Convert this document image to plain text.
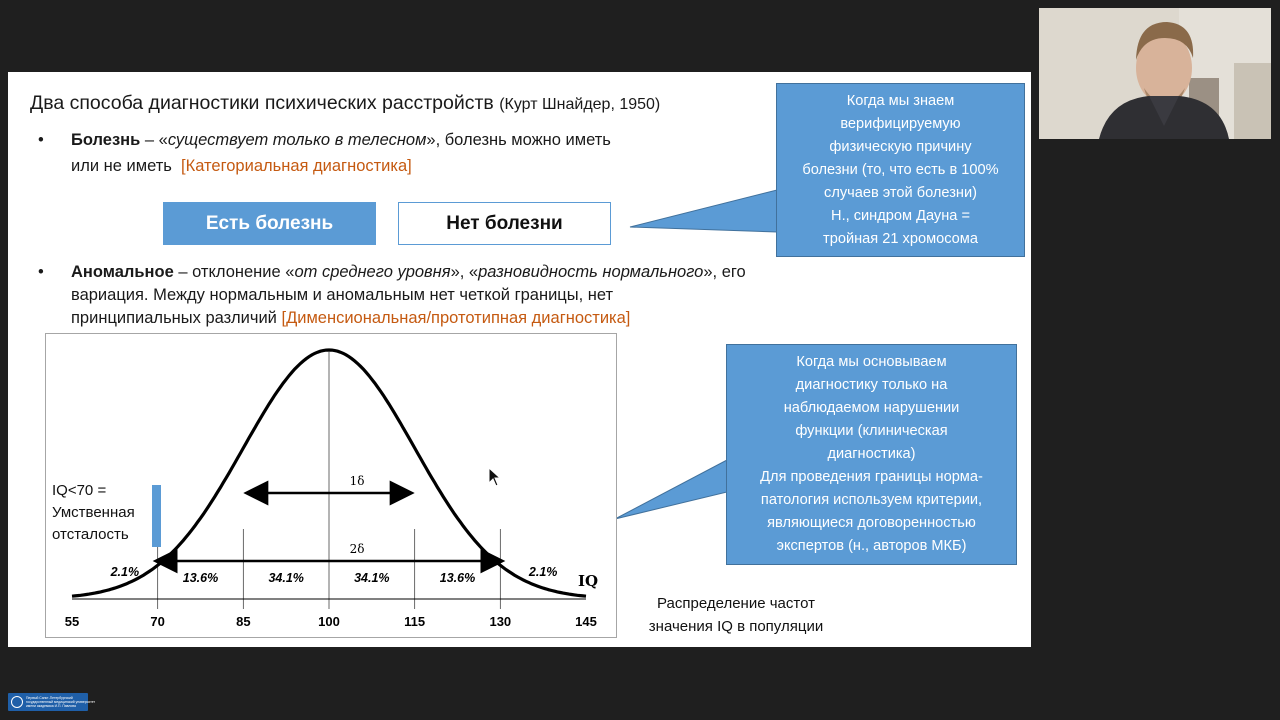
Два способа диагностики психических расстройств (Курт Шнайдер, 1950)
• Болезнь – «существует только в телесном», болезнь можно иметь
или не иметь [Категориальная диагностика]
Есть болезнь	Нет болезни
• Аномальное – отклонение «от среднего уровня», «разновидность нормального», его
вариация. Между нормальным и аномальным нет четкой границы, нет
принципиальных различий [Дименсиональная/прототипная диагностика]
Когда мы знаем
верифицируемую
физическую причину
болезни (то, что есть в 100%
случаев этой болезни)
Н., синдром Дауна =
тройная 21 хромосома
Когда мы основываем
диагностику только на
наблюдаемом нарушении
функции (клиническая
диагностика)
Для проведения границы норма-
патология используем критерии,
являющиеся договоренностью
экспертов (н., авторов МКБ)
1δ
2δ
2.1%	13.6%	34.1%	34.1%	13.6%	2.1%
55	70	85	100	115	130	145
IQ
IQ<70 =
Умственная
отсталость
Распределение частот
значения IQ в популяции
Первый Санкт-Петербургский
государственный медицинский университет
имени академика И.П. Павлова
